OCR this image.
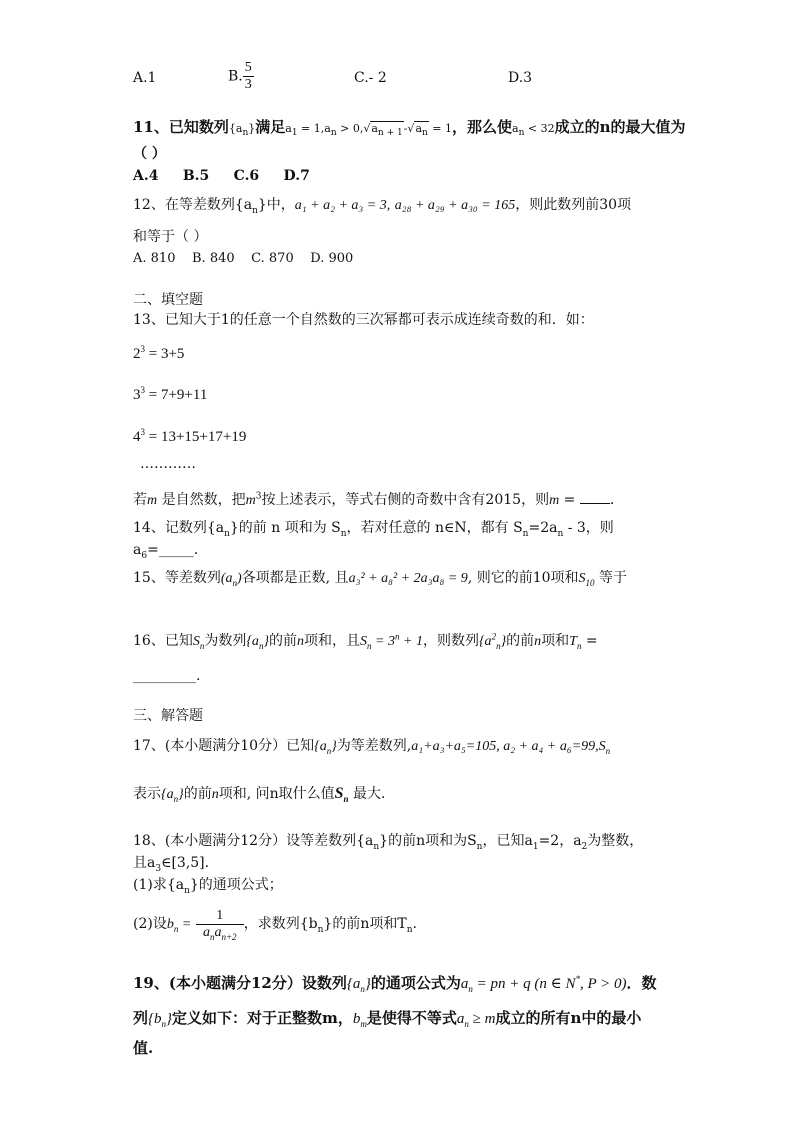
A.1	B. $\frac{5}{3}$	C.- 2	D.3
11、已知数列$\{a_n\}$满足$a_1 = 1,a_n > 0,√a_{n + 1}-√a_n = 1$，那么使$a_n < 32$成立的n的最大值为
（ ）
A.4     B.5     C.6     D.7
12、在等差数列$\{a_n\}$中，a₁ + a₂ + a₃ = 3, a₂₈ + a₂₉ + a₃₀ = 165，则此数列前30项
和等于（ ）
A. 810    B. 840    C. 870    D. 900
二、填空题
13、已知大于1的任意一个自然数的三次幂都可表示成连续奇数的和．如：
$2^3 = 3+5$
$3^3 = 7+9+11$
$4^3 = 13+15+17+19$
…………
若m 是自然数，把$m^3$按上述表示，等式右侧的奇数中含有2015，则m = ．
14、记数列$\{a_n\}$的前 n 项和为 $S_n$，若对任意的 n∈N，都有 $S_n=2a_n - 3$，则
$a_6=\_\_\_\_\_$．
15、等差数列$(a_n)$各项都是正数, 且a₃² + a₈² + 2a₃a₈ = 9, 则它的前10项和$S_{10}$ 等于
16、已知$S_n$为数列$\{a_n\}$的前n项和，且$S_n = 3^n + 1$，则数列$\{a^2_n\}$的前n项和$T_n$ =
_________.
三、解答题
17、(本小题满分10分）已知$\{a_n\}$为等差数列,a₁+a₃+a₅=105, $a_2 + a_4 + a_6=99,S_n$
表示$\{a_n\}$的前n项和, 问n取什么值$S_n$ 最大.
18、(本小题满分12分）设等差数列$\{a_n\}$的前n项和为$S_n$，已知$a_1=2$，$a_2$为整数，
且$a_3\in[3,5]$.
(1)求$\{a_n\}$的通项公式；
(2)设$b_n = \frac{1}{a_na_{n+2}}$ ，求数列$\{b_n\}$的前n项和$T_n$.
19、(本小题满分12分）设数列$\{a_n\}$的通项公式为$a_n$ = pn + q (n ∈ N*, P > 0)．数
列$\{b_n\}$定义如下：对于正整数m，$b_m$是使得不等式$a_n \ge m$成立的所有n中的最小
值.
